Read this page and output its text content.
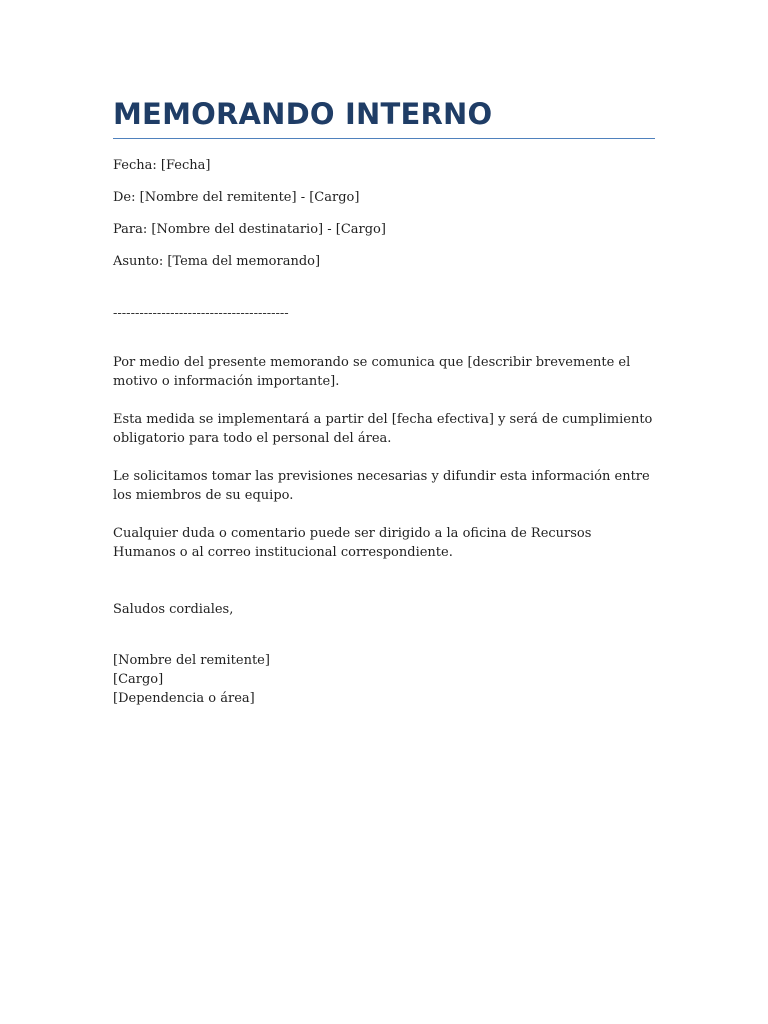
MEMORANDO INTERNO

Fecha: [Fecha]

De: [Nombre del remitente] - [Cargo]

Para: [Nombre del destinatario] - [Cargo]

Asunto: [Tema del memorando]

----------------------------------------

Por medio del presente memorando se comunica que [describir brevemente el motivo o información importante].

Esta medida se implementará a partir del [fecha efectiva] y será de cumplimiento obligatorio para todo el personal del área.

Le solicitamos tomar las previsiones necesarias y difundir esta información entre los miembros de su equipo.

Cualquier duda o comentario puede ser dirigido a la oficina de Recursos Humanos o al correo institucional correspondiente.

Saludos cordiales,

[Nombre del remitente]

[Cargo]

[Dependencia o área]
